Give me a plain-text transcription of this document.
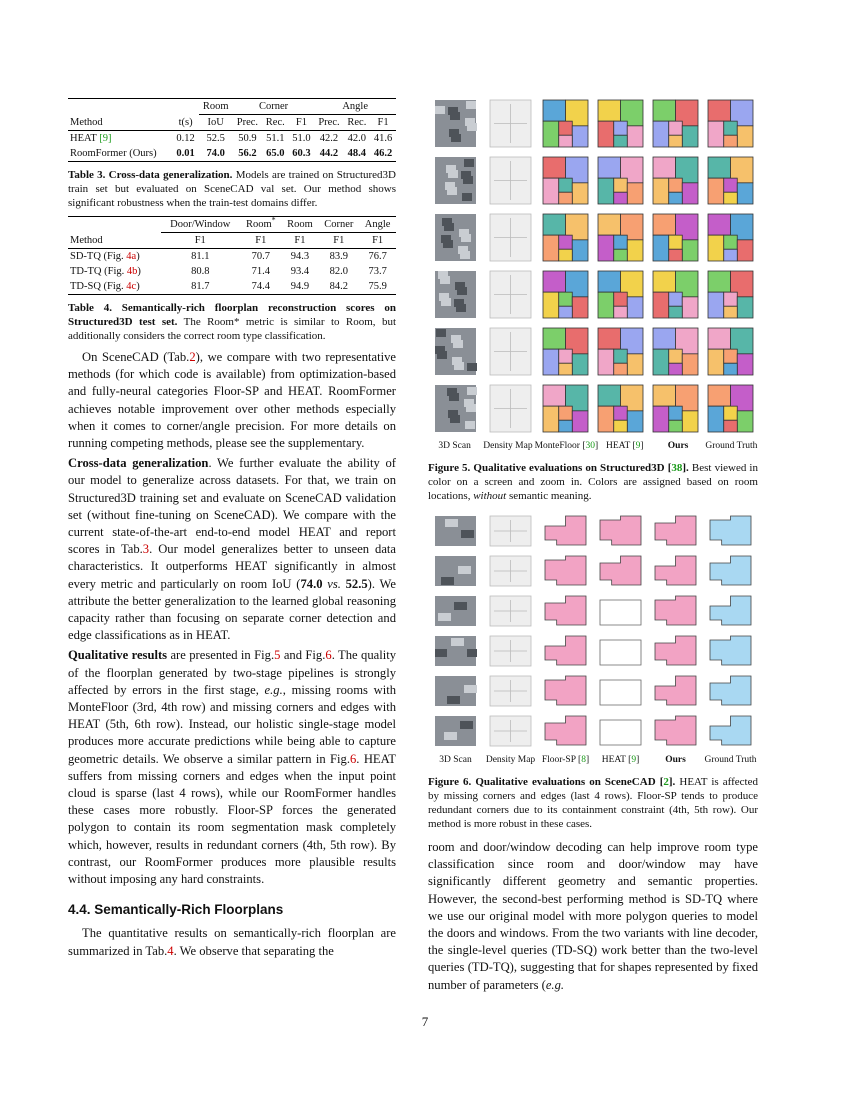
		Room	Corner			Angle		
Method	t(s)	IoU	Prec.	Rec.	F1	Prec.	Rec.	F1
HEAT [9]	0.12	52.5	50.9	51.1	51.0	42.2	42.0	41.6
RoomFormer (Ours)	0.01	74.0	56.2	65.0	60.3	44.2	48.4	46.2

Table 3. Cross-data generalization. Models are trained on Structured3D train set but evaluated on SceneCAD val set. Our method shows significant robustness when the train-test domains differ.

	Door/Window	Room*	Room	Corner	Angle
Method	F1	F1	F1	F1	F1
SD-TQ (Fig. 4a)	81.1	70.7	94.3	83.9	76.7
TD-TQ (Fig. 4b)	80.8	71.4	93.4	82.0	73.7
TD-SQ (Fig. 4c)	81.7	74.4	94.9	84.2	75.9

Table 4. Semantically-rich floorplan reconstruction scores on Structured3D test set. The Room* metric is similar to Room, but additionally considers the correct room type classification.

On SceneCAD (Tab.2), we compare with two representative methods (for which code is available) from optimization-based and fully-neural categories Floor-SP and HEAT. RoomFormer achieves notable improvement over other methods especially when it comes to corner/angle precision. For more details on running competing methods, please see the supplementary.

Cross-data generalization. We further evaluate the ability of our model to generalize across datasets. For that, we train on Structured3D training set and evaluate on SceneCAD validation set (without fine-tuning on SceneCAD). We compare with the current state-of-the-art end-to-end model HEAT and report scores in Tab.3. Our model generalizes better to unseen data characteristics. It outperforms HEAT significantly in almost every metric and particularly on room IoU (74.0 vs. 52.5). We attribute the better generalization to the learned global reasoning capacity rather than focusing on separate corner detection and edge classifications as in HEAT.

Qualitative results are presented in Fig.5 and Fig.6. The quality of the floorplan generated by two-stage pipelines is strongly affected by errors in the first stage, e.g., missing rooms with MonteFloor (3rd, 4th row) and missing corners and edges with HEAT (5th, 6th row). Instead, our holistic single-stage model produces more accurate predictions while being able to capture geometric details. We observe a similar pattern in Fig.6. HEAT suffers from missing corners and edges when the input point cloud is sparse (last 4 rows), while our RoomFormer handles these cases more robustly. Floor-SP forces the generated polygon to contain its room segmentation mask completely which, however, results in redundant corners (4th, 5th row). By contrast, our RoomFormer produces more plausible results without imposing any hard constraints.

4.4. Semantically-Rich Floorplans

The quantitative results on semantically-rich floorplan are summarized in Tab.4. We observe that separating the

3D Scan	Density Map MonteFloor [30] HEAT [9]	Ours	Ground Truth

Figure 5. Qualitative evaluations on Structured3D [38]. Best viewed in color on a screen and zoom in. Colors are assigned based on room locations, without semantic meaning.

3D Scan	Density Map Floor-SP [8]	HEAT [9]	Ours	Ground Truth

Figure 6. Qualitative evaluations on SceneCAD [2]. HEAT is affected by missing corners and edges (last 4 rows). Floor-SP tends to produce redundant corners due to its containment constraint (4th, 5th row). Our method is more robust in these cases.

room and door/window decoding can help improve room type classification since room and door/window may have significantly different geometry and semantic properties. However, the second-best performing method is SD-TQ where we use our original model with more polygon queries to model the doors and windows. From the two variants with line decoder, the single-level queries (TD-SQ) work better than the two-level queries (TD-TQ), suggesting that for shapes represented by fixed number of parameters (e.g.

7
